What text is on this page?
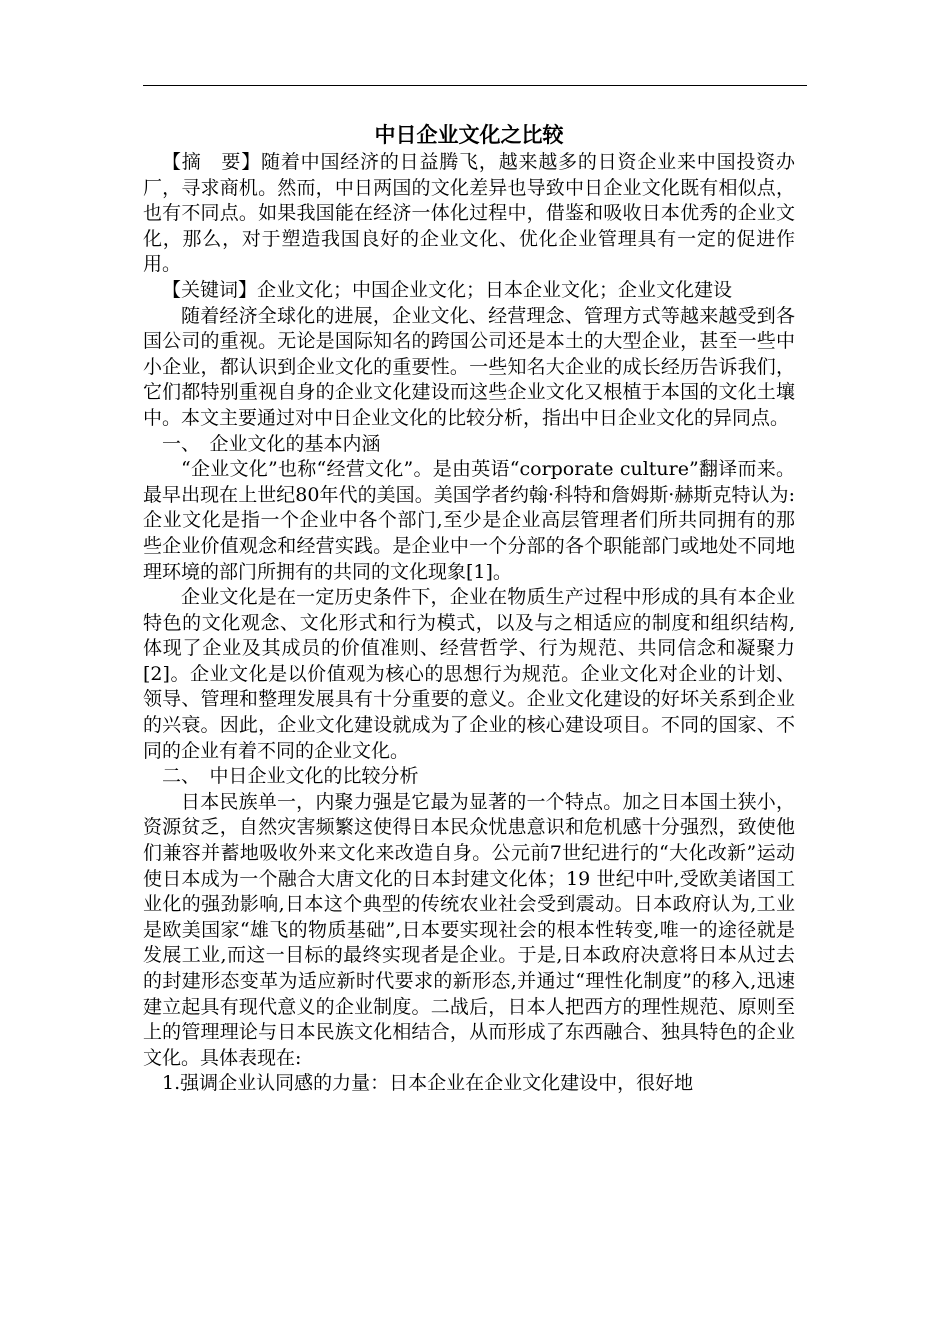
中日企业文化之比较

【摘　要】随着中国经济的日益腾飞，越来越多的日资企业来中国投资办厂，寻求商机。然而，中日两国的文化差异也导致中日企业文化既有相似点，也有不同点。如果我国能在经济一体化过程中，借鉴和吸收日本优秀的企业文化，那么，对于塑造我国良好的企业文化、优化企业管理具有一定的促进作用。

【关键词】企业文化；中国企业文化；日本企业文化；企业文化建设

随着经济全球化的进展，企业文化、经营理念、管理方式等越来越受到各国公司的重视。无论是国际知名的跨国公司还是本土的大型企业，甚至一些中小企业，都认识到企业文化的重要性。一些知名大企业的成长经历告诉我们，它们都特别重视自身的企业文化建设而这些企业文化又根植于本国的文化土壤中。本文主要通过对中日企业文化的比较分析，指出中日企业文化的异同点。

一、　企业文化的基本内涵

“企业文化”也称“经营文化”。是由英语“corporate culture”翻译而来。最早出现在上世纪80年代的美国。美国学者约翰·科特和詹姆斯·赫斯克特认为:企业文化是指一个企业中各个部门,至少是企业高层管理者们所共同拥有的那些企业价值观念和经营实践。是企业中一个分部的各个职能部门或地处不同地理环境的部门所拥有的共同的文化现象[1]。

企业文化是在一定历史条件下，企业在物质生产过程中形成的具有本企业特色的文化观念、文化形式和行为模式，以及与之相适应的制度和组织结构,体现了企业及其成员的价值准则、经营哲学、行为规范、共同信念和凝聚力[2]。企业文化是以价值观为核心的思想行为规范。企业文化对企业的计划、领导、管理和整理发展具有十分重要的意义。企业文化建设的好坏关系到企业的兴衰。因此，企业文化建设就成为了企业的核心建设项目。不同的国家、不同的企业有着不同的企业文化。

二、　中日企业文化的比较分析

日本民族单一，内聚力强是它最为显著的一个特点。加之日本国土狭小，资源贫乏，自然灾害频繁这使得日本民众忧患意识和危机感十分强烈，致使他们兼容并蓄地吸收外来文化来改造自身。公元前7世纪进行的“大化改新”运动使日本成为一个融合大唐文化的日本封建文化体；19 世纪中叶,受欧美诸国工业化的强劲影响,日本这个典型的传统农业社会受到震动。日本政府认为,工业是欧美国家“雄飞的物质基础”,日本要实现社会的根本性转变,唯一的途径就是发展工业,而这一目标的最终实现者是企业。于是,日本政府决意将日本从过去的封建形态变革为适应新时代要求的新形态,并通过“理性化制度”的移入,迅速建立起具有现代意义的企业制度。二战后，日本人把西方的理性规范、原则至上的管理理论与日本民族文化相结合，从而形成了东西融合、独具特色的企业文化。具体表现在:

1.强调企业认同感的力量：日本企业在企业文化建设中，很好地
